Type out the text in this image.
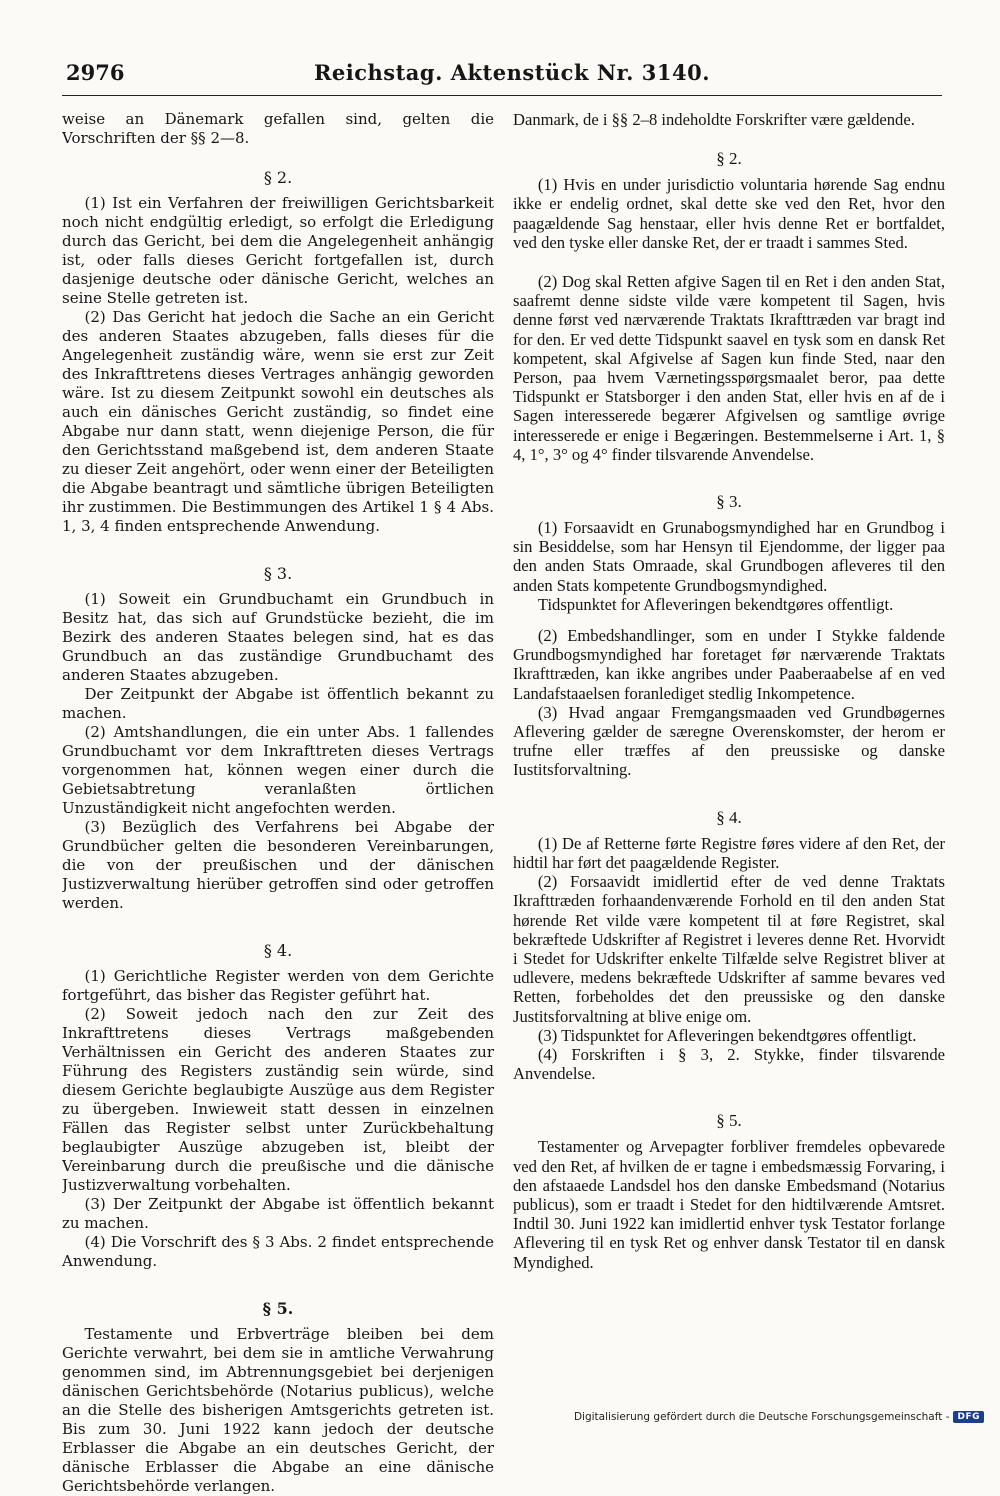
2976	Reichstag. Aktenstück Nr. 3140.

weise an Dänemark gefallen sind, gelten die Vorschriften der §§ 2—8.

§ 2.

(1) Ist ein Verfahren der freiwilligen Gerichtsbarkeit noch nicht endgültig erledigt, so erfolgt die Erledigung durch das Gericht, bei dem die Angelegenheit anhängig ist, oder falls dieses Gericht fortgefallen ist, durch dasjenige deutsche oder dänische Gericht, welches an seine Stelle getreten ist.

(2) Das Gericht hat jedoch die Sache an ein Gericht des anderen Staates abzugeben, falls dieses für die Angelegenheit zuständig wäre, wenn sie erst zur Zeit des Inkrafttretens dieses Vertrages anhängig geworden wäre. Ist zu diesem Zeitpunkt sowohl ein deutsches als auch ein dänisches Gericht zuständig, so findet eine Abgabe nur dann statt, wenn diejenige Person, die für den Gerichtsstand maßgebend ist, dem anderen Staate zu dieser Zeit angehört, oder wenn einer der Beteiligten die Abgabe beantragt und sämtliche übrigen Beteiligten ihr zustimmen. Die Bestimmungen des Artikel 1 § 4 Abs. 1, 3, 4 finden entsprechende Anwendung.

§ 3.

(1) Soweit ein Grundbuchamt ein Grundbuch in Besitz hat, das sich auf Grundstücke bezieht, die im Bezirk des anderen Staates belegen sind, hat es das Grundbuch an das zuständige Grundbuchamt des anderen Staates abzugeben.

Der Zeitpunkt der Abgabe ist öffentlich bekannt zu machen.

(2) Amtshandlungen, die ein unter Abs. 1 fallendes Grundbuchamt vor dem Inkrafttreten dieses Vertrags vorgenommen hat, können wegen einer durch die Gebietsabtretung veranlaßten örtlichen Unzuständigkeit nicht angefochten werden.

(3) Bezüglich des Verfahrens bei Abgabe der Grundbücher gelten die besonderen Vereinbarungen, die von der preußischen und der dänischen Justizverwaltung hierüber getroffen sind oder getroffen werden.

§ 4.

(1) Gerichtliche Register werden von dem Gerichte fortgeführt, das bisher das Register geführt hat.

(2) Soweit jedoch nach den zur Zeit des Inkrafttretens dieses Vertrags maßgebenden Verhältnissen ein Gericht des anderen Staates zur Führung des Registers zuständig sein würde, sind diesem Gerichte beglaubigte Auszüge aus dem Register zu übergeben. Inwieweit statt dessen in einzelnen Fällen das Register selbst unter Zurückbehaltung beglaubigter Auszüge abzugeben ist, bleibt der Vereinbarung durch die preußische und die dänische Justizverwaltung vorbehalten.

(3) Der Zeitpunkt der Abgabe ist öffentlich bekannt zu machen.

(4) Die Vorschrift des § 3 Abs. 2 findet entsprechende Anwendung.

§ 5.

Testamente und Erbverträge bleiben bei dem Gerichte verwahrt, bei dem sie in amtliche Verwahrung genommen sind, im Abtrennungsgebiet bei derjenigen dänischen Gerichtsbehörde (Notarius publicus), welche an die Stelle des bisherigen Amtsgerichts getreten ist. Bis zum 30. Juni 1922 kann jedoch der deutsche Erblasser die Abgabe an ein deutsches Gericht, der dänische Erblasser die Abgabe an eine dänische Gerichtsbehörde verlangen.

Danmark, de i §§ 2–8 indeholdte Forskrifter være gældende.

§ 2.

(1) Hvis en under jurisdictio voluntaria hørende Sag endnu ikke er endelig ordnet, skal dette ske ved den Ret, hvor den paagældende Sag henstaar, eller hvis denne Ret er bortfaldet, ved den tyske eller danske Ret, der er traadt i sammes Sted.

(2) Dog skal Retten afgive Sagen til en Ret i den anden Stat, saafremt denne sidste vilde være kompetent til Sagen, hvis denne først ved nærværende Traktats Ikrafttræden var bragt ind for den. Er ved dette Tidspunkt saavel en tysk som en dansk Ret kompetent, skal Afgivelse af Sagen kun finde Sted, naar den Person, paa hvem Værnetingsspørgsmaalet beror, paa dette Tidspunkt er Statsborger i den anden Stat, eller hvis en af de i Sagen interesserede begærer Afgivelsen og samtlige øvrige interesserede er enige i Begæringen. Bestemmelserne i Art. 1, § 4, 1°, 3° og 4° finder tilsvarende Anvendelse.

§ 3.

(1) Forsaavidt en Grunabogsmyndighed har en Grundbog i sin Besiddelse, som har Hensyn til Ejendomme, der ligger paa den anden Stats Omraade, skal Grundbogen afleveres til den anden Stats kompetente Grundbogsmyndighed.

Tidspunktet for Afleveringen bekendtgøres offentligt.

(2) Embedshandlinger, som en under I Stykke faldende Grundbogsmyndighed har foretaget før nærværende Traktats Ikrafttræden, kan ikke angribes under Paaberaabelse af en ved Landafstaaelsen foranlediget stedlig Inkompetence.

(3) Hvad angaar Fremgangsmaaden ved Grundbøgernes Aflevering gælder de særegne Overenskomster, der herom er trufne eller træffes af den preussiske og danske Iustitsforvaltning.

§ 4.

(1) De af Retterne førte Registre føres videre af den Ret, der hidtil har ført det paagældende Register.

(2) Forsaavidt imidlertid efter de ved denne Traktats Ikrafttræden forhaandenværende Forhold en til den anden Stat hørende Ret vilde være kompetent til at føre Registret, skal bekræftede Udskrifter af Registret i leveres denne Ret. Hvorvidt i Stedet for Udskrifter enkelte Tilfælde selve Registret bliver at udlevere, medens bekræftede Udskrifter af samme bevares ved Retten, forbeholdes det den preussiske og den danske Justitsforvaltning at blive enige om.

(3) Tidspunktet for Afleveringen bekendtgøres offentligt.

(4) Forskriften i § 3, 2. Stykke, finder tilsvarende Anvendelse.

§ 5.

Testamenter og Arvepagter forbliver fremdeles opbevarede ved den Ret, af hvilken de er tagne i embedsmæssig Forvaring, i den afstaaede Landsdel hos den danske Embedsmand (Notarius publicus), som er traadt i Stedet for den hidtilværende Amtsret. Indtil 30. Juni 1922 kan imidlertid enhver tysk Testator forlange Aflevering til en tysk Ret og enhver dansk Testator til en dansk Myndighed.

Digitalisierung gefördert durch die Deutsche Forschungsgemeinschaft - DFG
